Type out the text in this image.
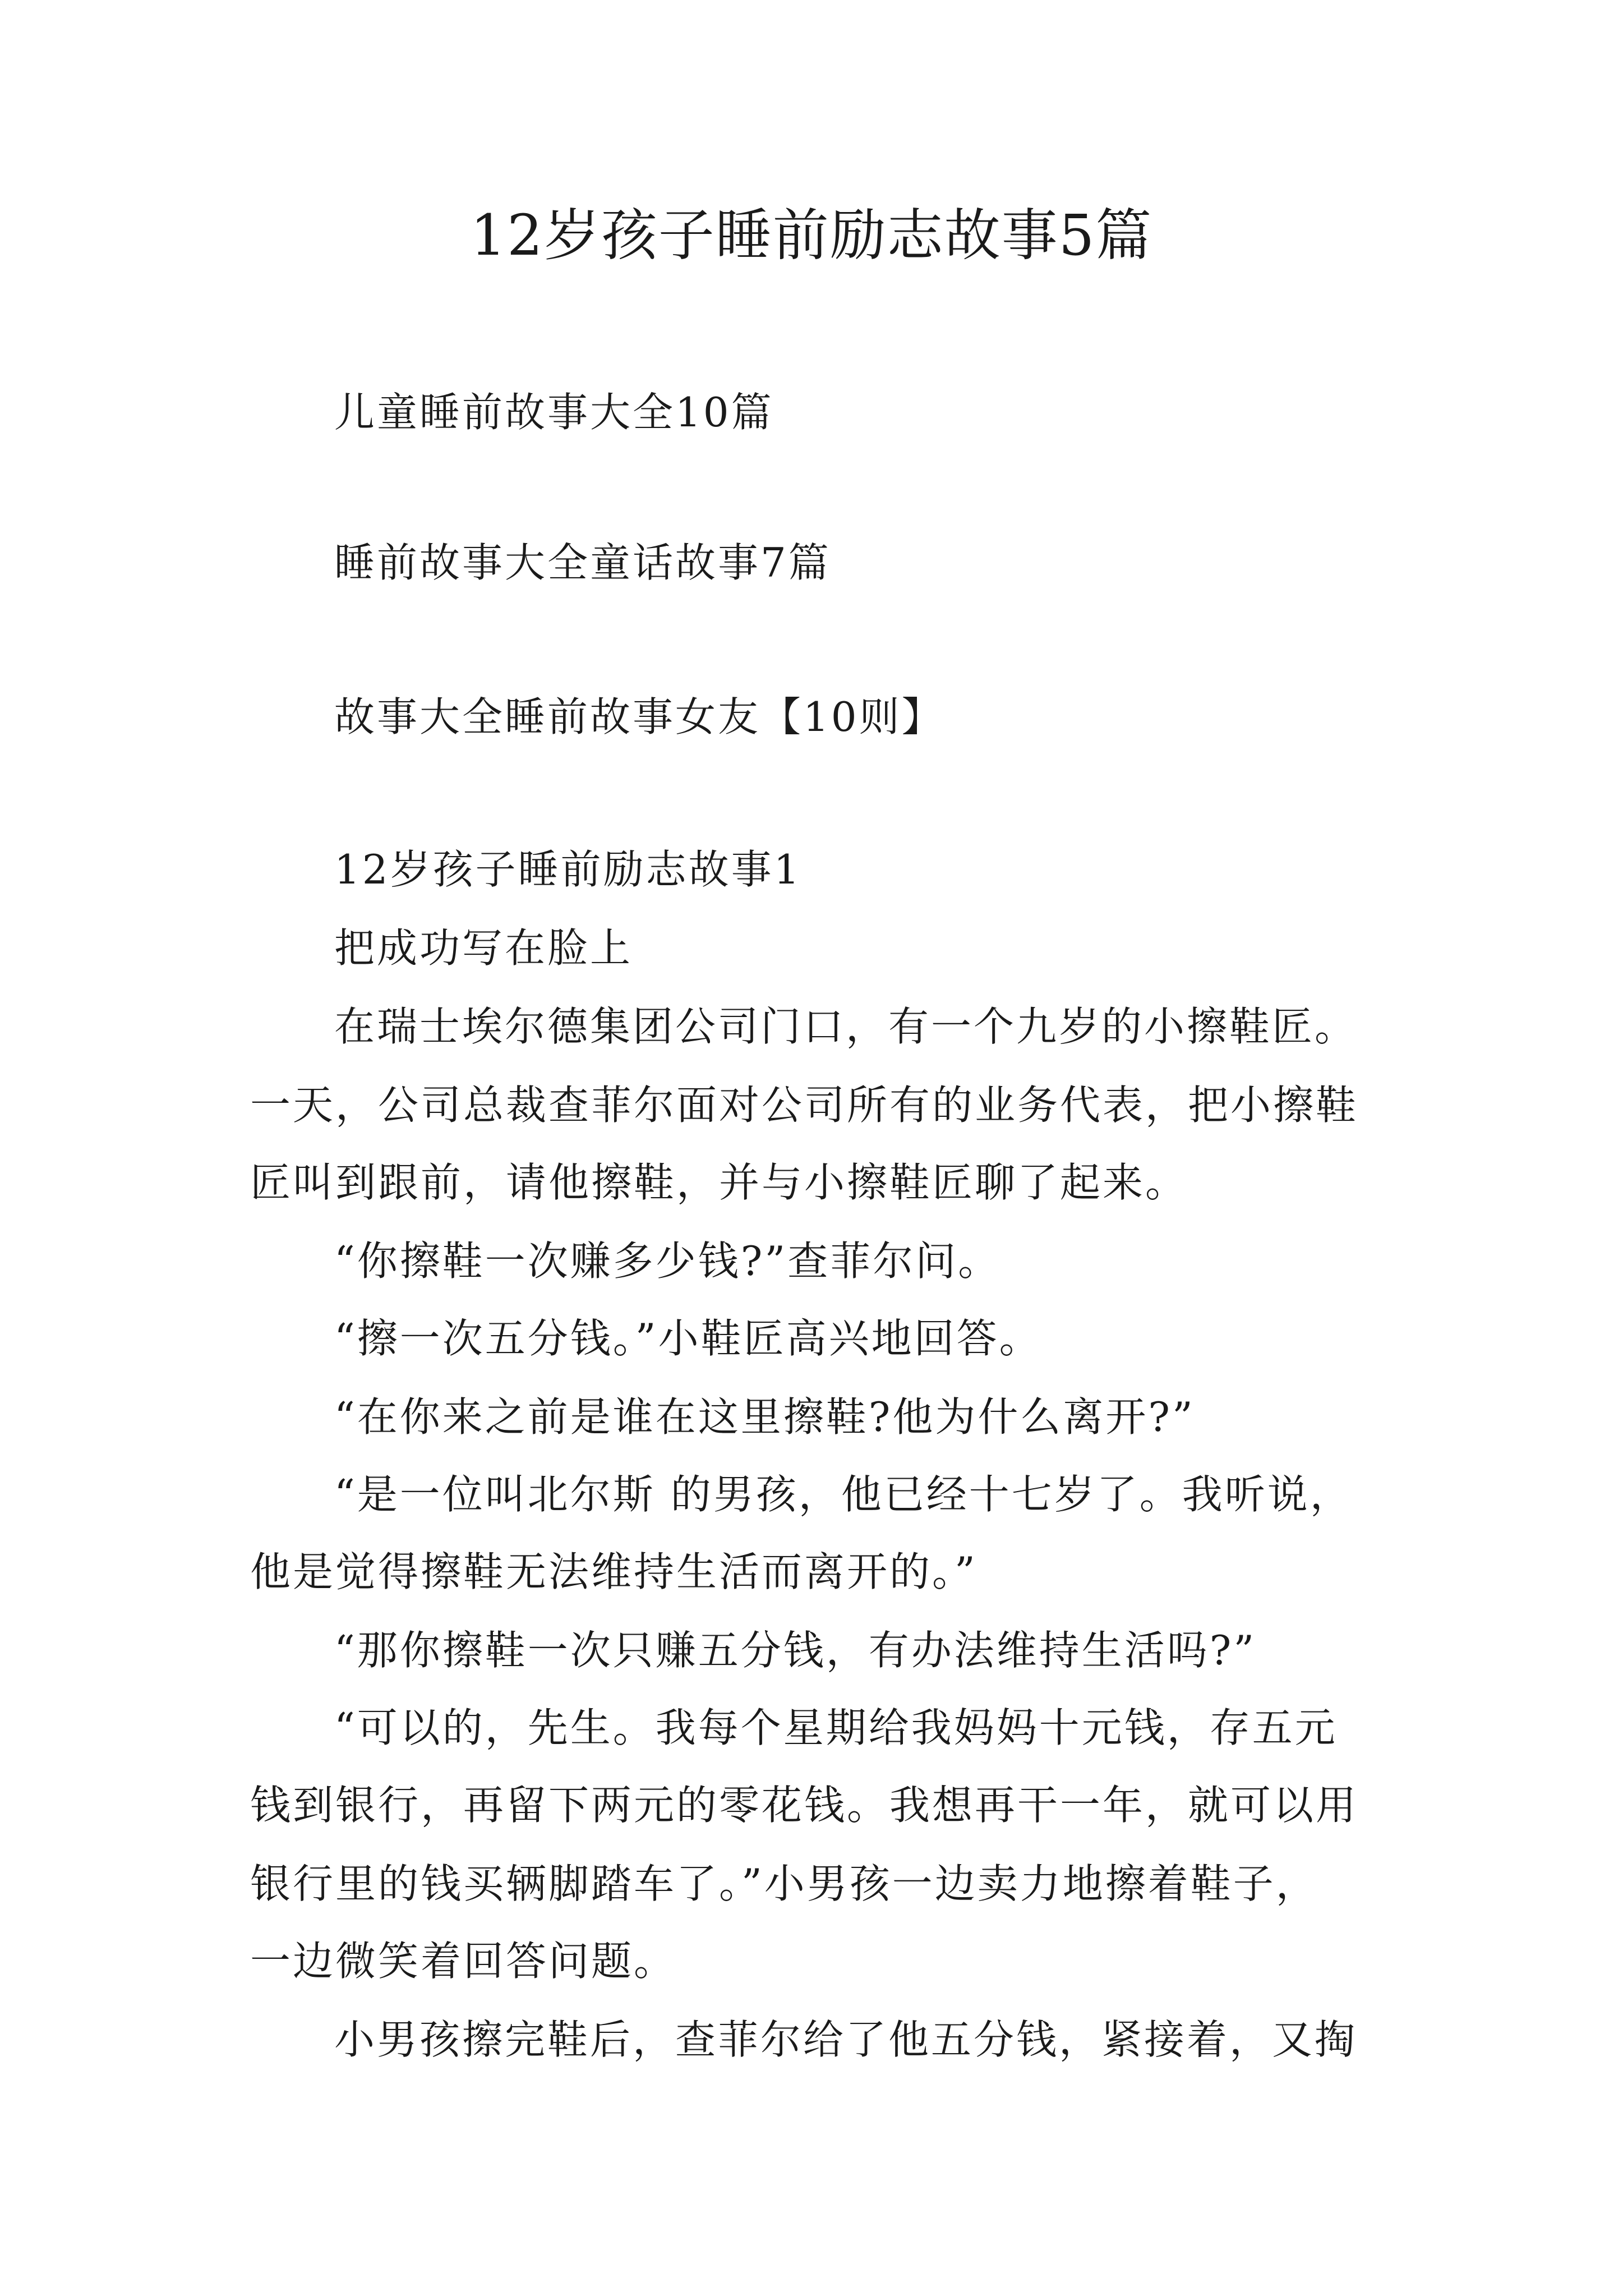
12岁孩子睡前励志故事5篇
儿童睡前故事大全10篇
睡前故事大全童话故事7篇
故事大全睡前故事女友【10则】
12岁孩子睡前励志故事1
把成功写在脸上
在瑞士埃尔德集团公司门口，有一个九岁的小擦鞋匠。
一天，公司总裁查菲尔面对公司所有的业务代表，把小擦鞋
匠叫到跟前，请他擦鞋，并与小擦鞋匠聊了起来。
“你擦鞋一次赚多少钱?”查菲尔问。
“擦一次五分钱。”小鞋匠高兴地回答。
“在你来之前是谁在这里擦鞋?他为什么离开?”
“是一位叫北尔斯 的男孩，他已经十七岁了。我听说，
他是觉得擦鞋无法维持生活而离开的。”
“那你擦鞋一次只赚五分钱，有办法维持生活吗?”
“可以的，先生。我每个星期给我妈妈十元钱，存五元
钱到银行，再留下两元的零花钱。我想再干一年，就可以用
银行里的钱买辆脚踏车了。”小男孩一边卖力地擦着鞋子，
一边微笑着回答问题。
小男孩擦完鞋后，查菲尔给了他五分钱，紧接着，又掏
